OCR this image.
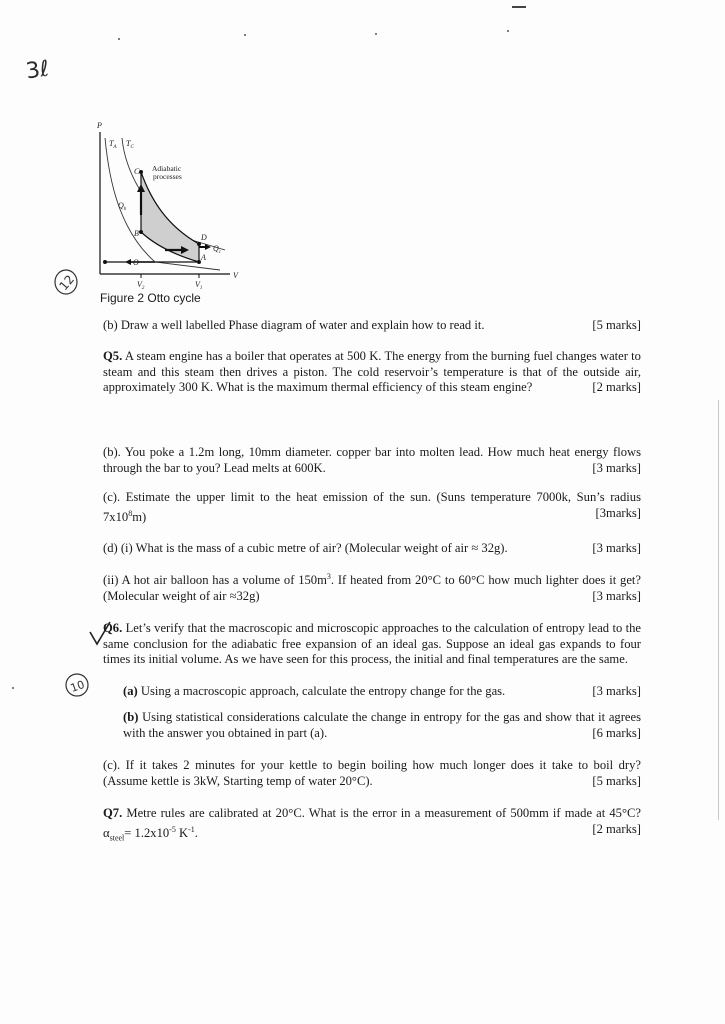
3ℓ
12
10
P
V
$T_A$ $T_C$
C
B	D
A
O
$Q_h$
$Q_c$
Adiabatic
processes
$V_2$	$V_1$
Figure 2 Otto cycle
[5 marks]
(b) Draw a well labelled Phase diagram of water and explain how to read it.
Q5. A steam engine has a boiler that operates at 500 K. The energy from the burning fuel changes water to steam and this steam then drives a piston. The cold reservoir’s temperature is that of the outside air, approximately 300 K. What is the maximum thermal efficiency of this steam engine?	[2 marks]
(b). You poke a 1.2m long, 10mm diameter. copper bar into molten lead. How much heat energy flows through the bar to you? Lead melts at 600K.	[3 marks]
(c). Estimate the upper limit to the heat emission of the sun. (Suns temperature 7000k, Sun’s radius $7x10^8m$)	[3marks]
[3 marks]
(d) (i) What is the mass of a cubic metre of air? (Molecular weight of air ≈ 32g).
(ii) A hot air balloon has a volume of $150m^3$. If heated from 20°C to 60°C how much lighter does it get? (Molecular weight of air ≈32g)	[3 marks]
Q6. Let’s verify that the macroscopic and microscopic approaches to the calculation of entropy lead to the same conclusion for the adiabatic free expansion of an ideal gas. Suppose an ideal gas expands to four times its initial volume. As we have seen for this process, the initial and final temperatures are the same.
[3 marks]
(a) Using a macroscopic approach, calculate the entropy change for the gas.
(b) Using statistical considerations calculate the change in entropy for the gas and show that it agrees with the answer you obtained in part (a).	[6 marks]
(c). If it takes 2 minutes for your kettle to begin boiling how much longer does it take to boil dry? (Assume kettle is 3kW, Starting temp of water 20°C).	[5 marks]
Q7. Metre rules are calibrated at 20°C. What is the error in a measurement of 500mm if made at 45°C? $\alpha_{steel}= 1.2x10^{-5}$ $K^{-1}$.	[2 marks]
